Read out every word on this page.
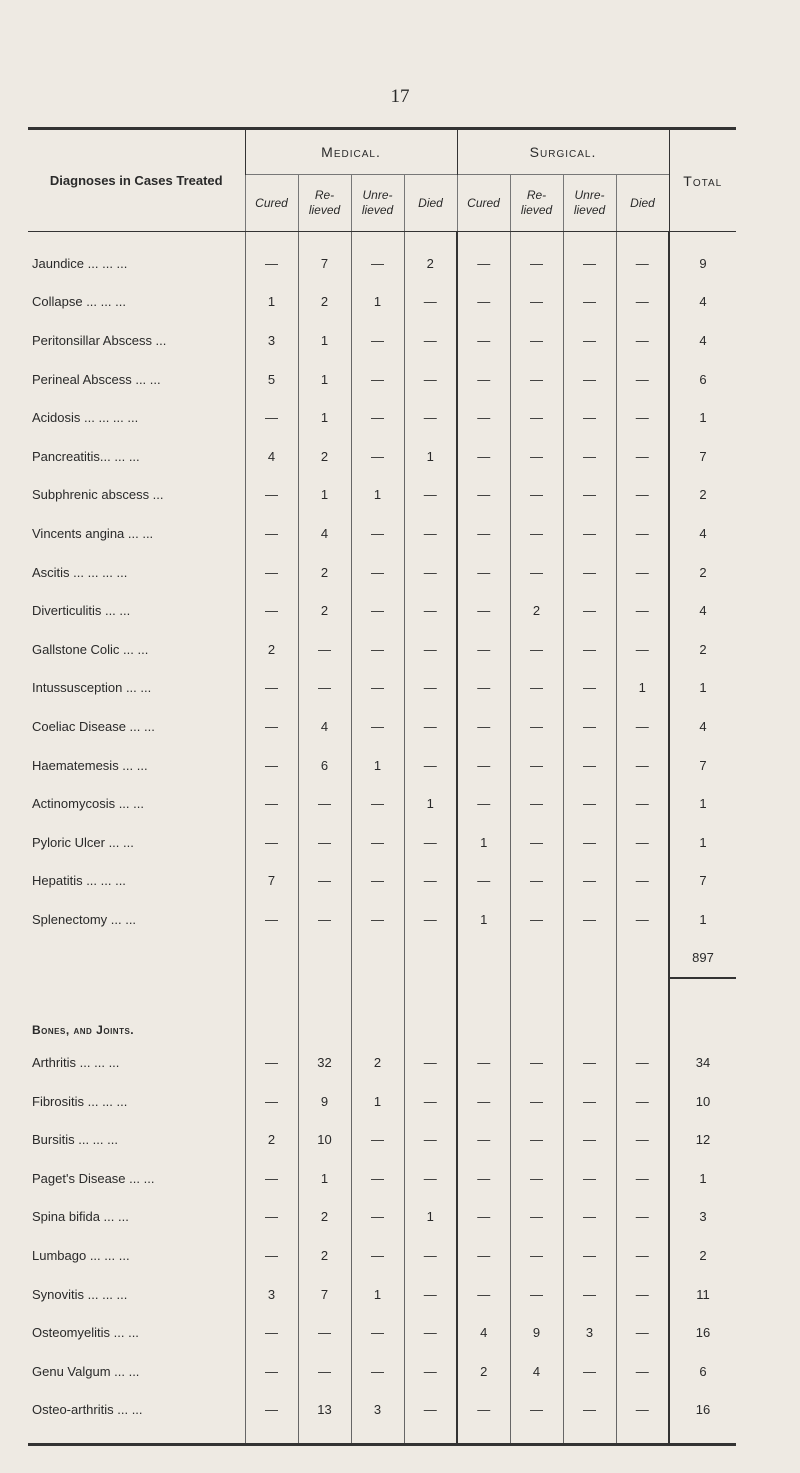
17
Diagnoses in Cases Treated	Medical.				Surgical.				Total
	Cured	Re- lieved	Unre- lieved	Died	Cured	Re- lieved	Unre- lieved	Died	

Jaundice ... ... ...	—	7	—	2	—	—	—	—	9
Collapse ... ... ...	1	2	1	—	—	—	—	—	4
Peritonsillar Abscess ...	3	1	—	—	—	—	—	—	4
Perineal Abscess ... ...	5	1	—	—	—	—	—	—	6
Acidosis ... ... ... ...	—	1	—	—	—	—	—	—	1
Pancreatitis... ... ...	4	2	—	1	—	—	—	—	7
Subphrenic abscess ...	—	1	1	—	—	—	—	—	2
Vincents angina ... ...	—	4	—	—	—	—	—	—	4
Ascitis ... ... ... ...	—	2	—	—	—	—	—	—	2
Diverticulitis ... ...	—	2	—	—	—	2	—	—	4
Gallstone Colic ... ...	2	—	—	—	—	—	—	—	2
Intussusception ... ...	—	—	—	—	—	—	—	1	1
Coeliac Disease ... ...	—	4	—	—	—	—	—	—	4
Haematemesis ... ...	—	6	1	—	—	—	—	—	7
Actinomycosis ... ...	—	—	—	1	—	—	—	—	1
Pyloric Ulcer ... ...	—	—	—	—	1	—	—	—	1
Hepatitis ... ... ...	7	—	—	—	—	—	—	—	7
Splenectomy ... ...	—	—	—	—	1	—	—	—	1
									897
Bones, and Joints.									
Arthritis ... ... ...	—	32	2	—	—	—	—	—	34
Fibrositis ... ... ...	—	9	1	—	—	—	—	—	10
Bursitis ... ... ...	2	10	—	—	—	—	—	—	12
Paget's Disease ... ...	—	1	—	—	—	—	—	—	1
Spina bifida ... ...	—	2	—	1	—	—	—	—	3
Lumbago ... ... ...	—	2	—	—	—	—	—	—	2
Synovitis ... ... ...	3	7	1	—	—	—	—	—	11
Osteomyelitis ... ...	—	—	—	—	4	9	3	—	16
Genu Valgum ... ...	—	—	—	—	2	4	—	—	6
Osteo-arthritis ... ...	—	13	3	—	—	—	—	—	16
